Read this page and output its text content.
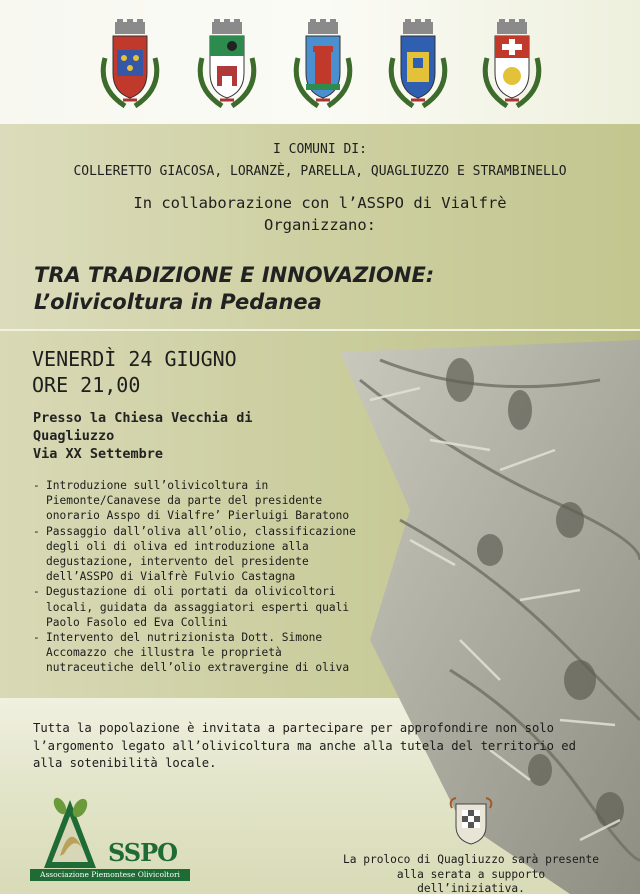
I COMUNI DI:
COLLERETTO GIACOSA, LORANZÈ, PARELLA, QUAGLIUZZO E STRAMBINELLO
In collaborazione con l’ASSPO di Vialfrè
Organizzano:
TRA TRADIZIONE E INNOVAZIONE:
L’olivicoltura in Pedanea
VENERDÌ 24 GIUGNO
ORE 21,00
Presso la Chiesa Vecchia di
Quagliuzzo
Via XX Settembre
- Introduzione sull’olivicoltura in Piemonte/Canavese da parte del presidente onorario Asspo di Vialfre’ Pierluigi Baratono
- Passaggio dall’oliva all’olio, classificazione degli oli di oliva ed introduzione alla degustazione, intervento del presidente dell’ASSPO di Vialfrè Fulvio Castagna
- Degustazione di oli portati da olivicoltori locali, guidata da assaggiatori esperti quali Paolo Fasolo ed Eva Collini
- Intervento del nutrizionista Dott. Simone Accomazzo che illustra le proprietà nutraceutiche dell’olio extravergine di oliva
Tutta la popolazione è invitata a partecipare per approfondire non solo l’argomento legato all’olivicoltura ma anche alla tutela del territorio ed alla sotenibilità locale.
SSPO
Associazione Piemontese Olivicoltori
La proloco di Quagliuzzo sarà presente
alla serata a supporto dell’iniziativa.
